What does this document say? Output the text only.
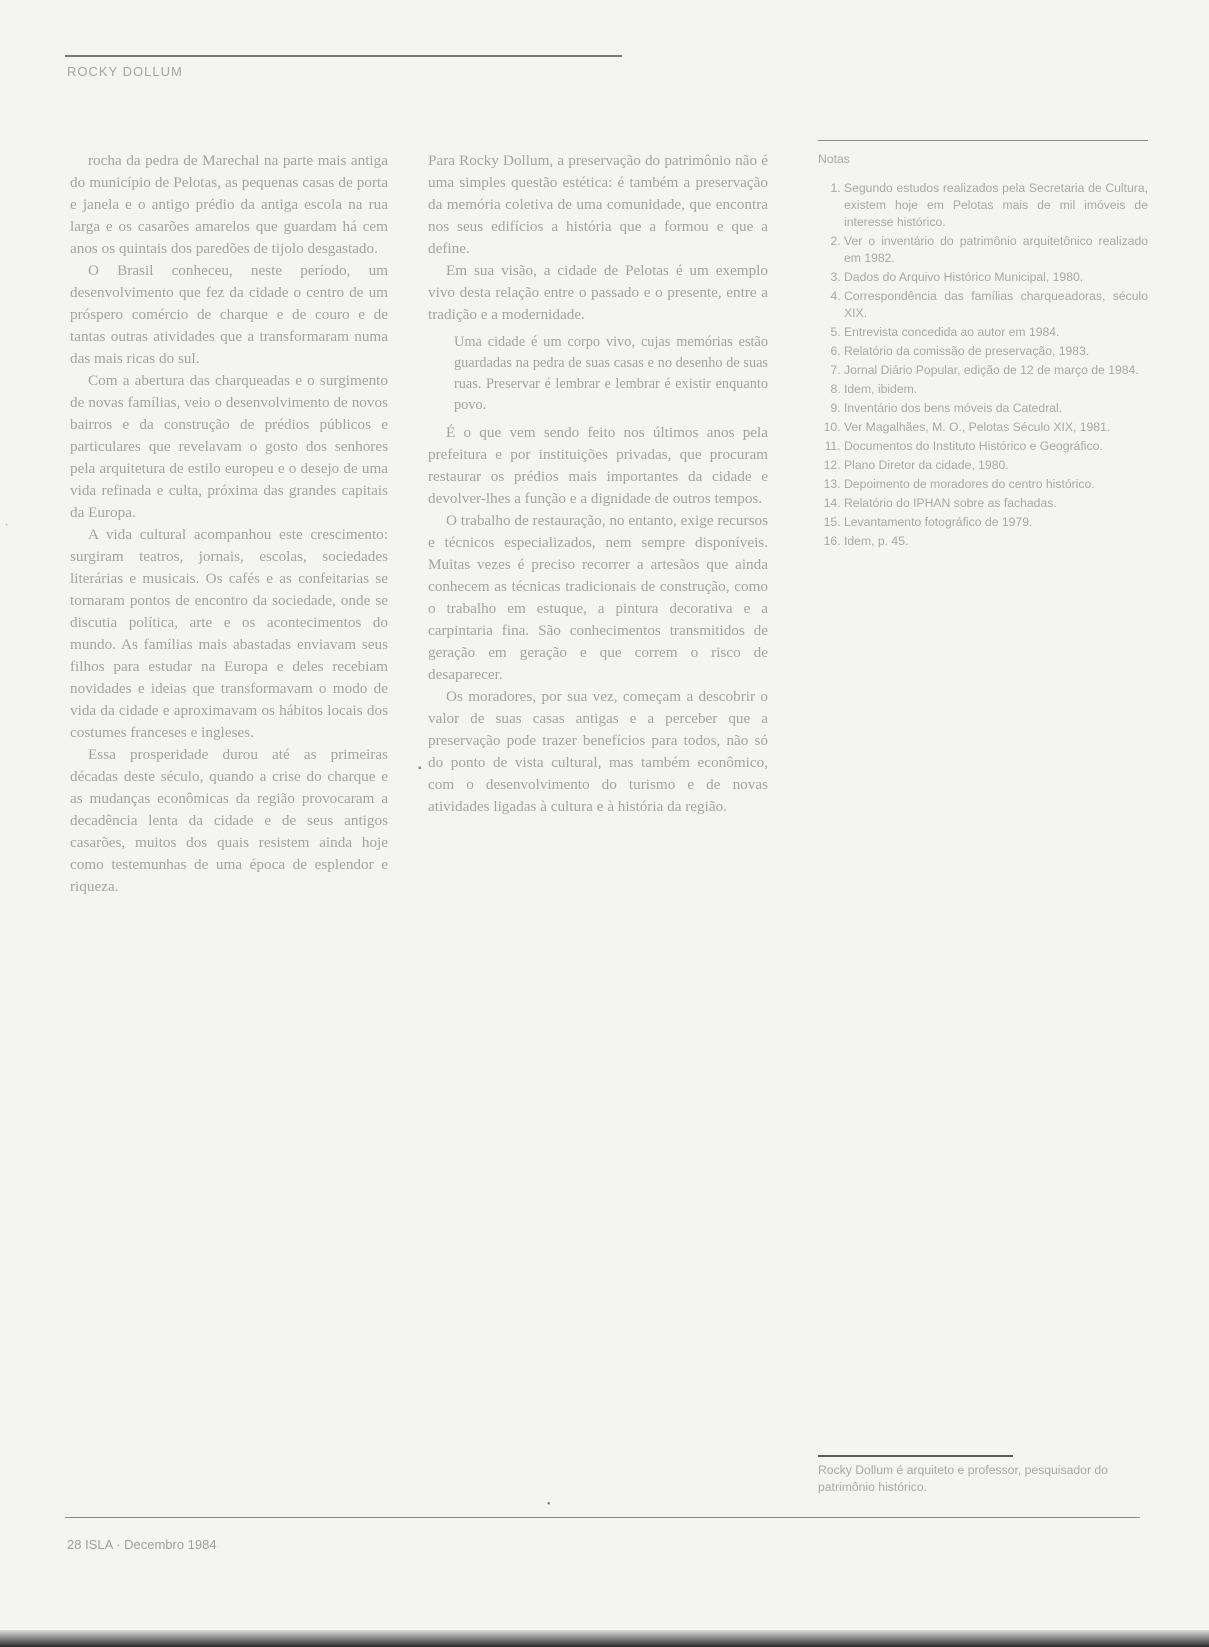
ROCKY DOLLUM

rocha da pedra de Marechal na parte mais antiga do município de Pelotas, as pequenas casas de porta e janela e o antigo prédio da antiga escola na rua larga e os casarões amarelos que guardam há cem anos os quintais dos paredões de tijolo desgastado.

O Brasil conheceu, neste período, um desenvolvimento que fez da cidade o centro de um próspero comércio de charque e de couro e de tantas outras atividades que a transformaram numa das mais ricas do sul.

Com a abertura das charqueadas e o surgimento de novas famílias, veio o desenvolvimento de novos bairros e da construção de prédios públicos e particulares que revelavam o gosto dos senhores pela arquitetura de estilo europeu e o desejo de uma vida refinada e culta, próxima das grandes capitais da Europa.

A vida cultural acompanhou este crescimento: surgiram teatros, jornais, escolas, sociedades literárias e musicais. Os cafés e as confeitarias se tornaram pontos de encontro da sociedade, onde se discutia política, arte e os acontecimentos do mundo. As famílias mais abastadas enviavam seus filhos para estudar na Europa e deles recebiam novidades e ideias que transformavam o modo de vida da cidade e aproximavam os hábitos locais dos costumes franceses e ingleses.

Essa prosperidade durou até as primeiras décadas deste século, quando a crise do charque e as mudanças econômicas da região provocaram a decadência lenta da cidade e de seus antigos casarões, muitos dos quais resistem ainda hoje como testemunhas de uma época de esplendor e riqueza.

Para Rocky Dollum, a preservação do patrimônio não é uma simples questão estética: é também a preservação da memória coletiva de uma comunidade, que encontra nos seus edifícios a história que a formou e que a define.

Em sua visão, a cidade de Pelotas é um exemplo vivo desta relação entre o passado e o presente, entre a tradição e a modernidade.

Uma cidade é um corpo vivo, cujas memórias estão guardadas na pedra de suas casas e no desenho de suas ruas. Preservar é lembrar e lembrar é existir enquanto povo.

É o que vem sendo feito nos últimos anos pela prefeitura e por instituições privadas, que procuram restaurar os prédios mais importantes da cidade e devolver-lhes a função e a dignidade de outros tempos.

O trabalho de restauração, no entanto, exige recursos e técnicos especializados, nem sempre disponíveis. Muitas vezes é preciso recorrer a artesãos que ainda conhecem as técnicas tradicionais de construção, como o trabalho em estuque, a pintura decorativa e a carpintaria fina. São conhecimentos transmitidos de geração em geração e que correm o risco de desaparecer.

Os moradores, por sua vez, começam a descobrir o valor de suas casas antigas e a perceber que a preservação pode trazer benefícios para todos, não só do ponto de vista cultural, mas também econômico, com o desenvolvimento do turismo e de novas atividades ligadas à cultura e à história da região.

▪
Notas
1. Segundo estudos realizados pela Secretaria de Cultura, existem hoje em Pelotas mais de mil imóveis de interesse histórico.
2. Ver o inventário do patrimônio arquitetônico realizado em 1982.
3. Dados do Arquivo Histórico Municipal, 1980.
4. Correspondência das famílias charqueadoras, século XIX.
5. Entrevista concedida ao autor em 1984.
6. Relatório da comissão de preservação, 1983.
7. Jornal Diário Popular, edição de 12 de março de 1984.
8. Idem, ibidem.
9. Inventário dos bens móveis da Catedral.
10. Ver Magalhães, M. O., Pelotas Século XIX, 1981.
11. Documentos do Instituto Histórico e Geográfico.
12. Plano Diretor da cidade, 1980.
13. Depoimento de moradores do centro histórico.
14. Relatório do IPHAN sobre as fachadas.
15. Levantamento fotográfico de 1979.
16. Idem, p. 45.
Rocky Dollum é arquiteto e professor, pesquisador do patrimônio histórico.
•
•
28 ISLA · Decembro 1984
